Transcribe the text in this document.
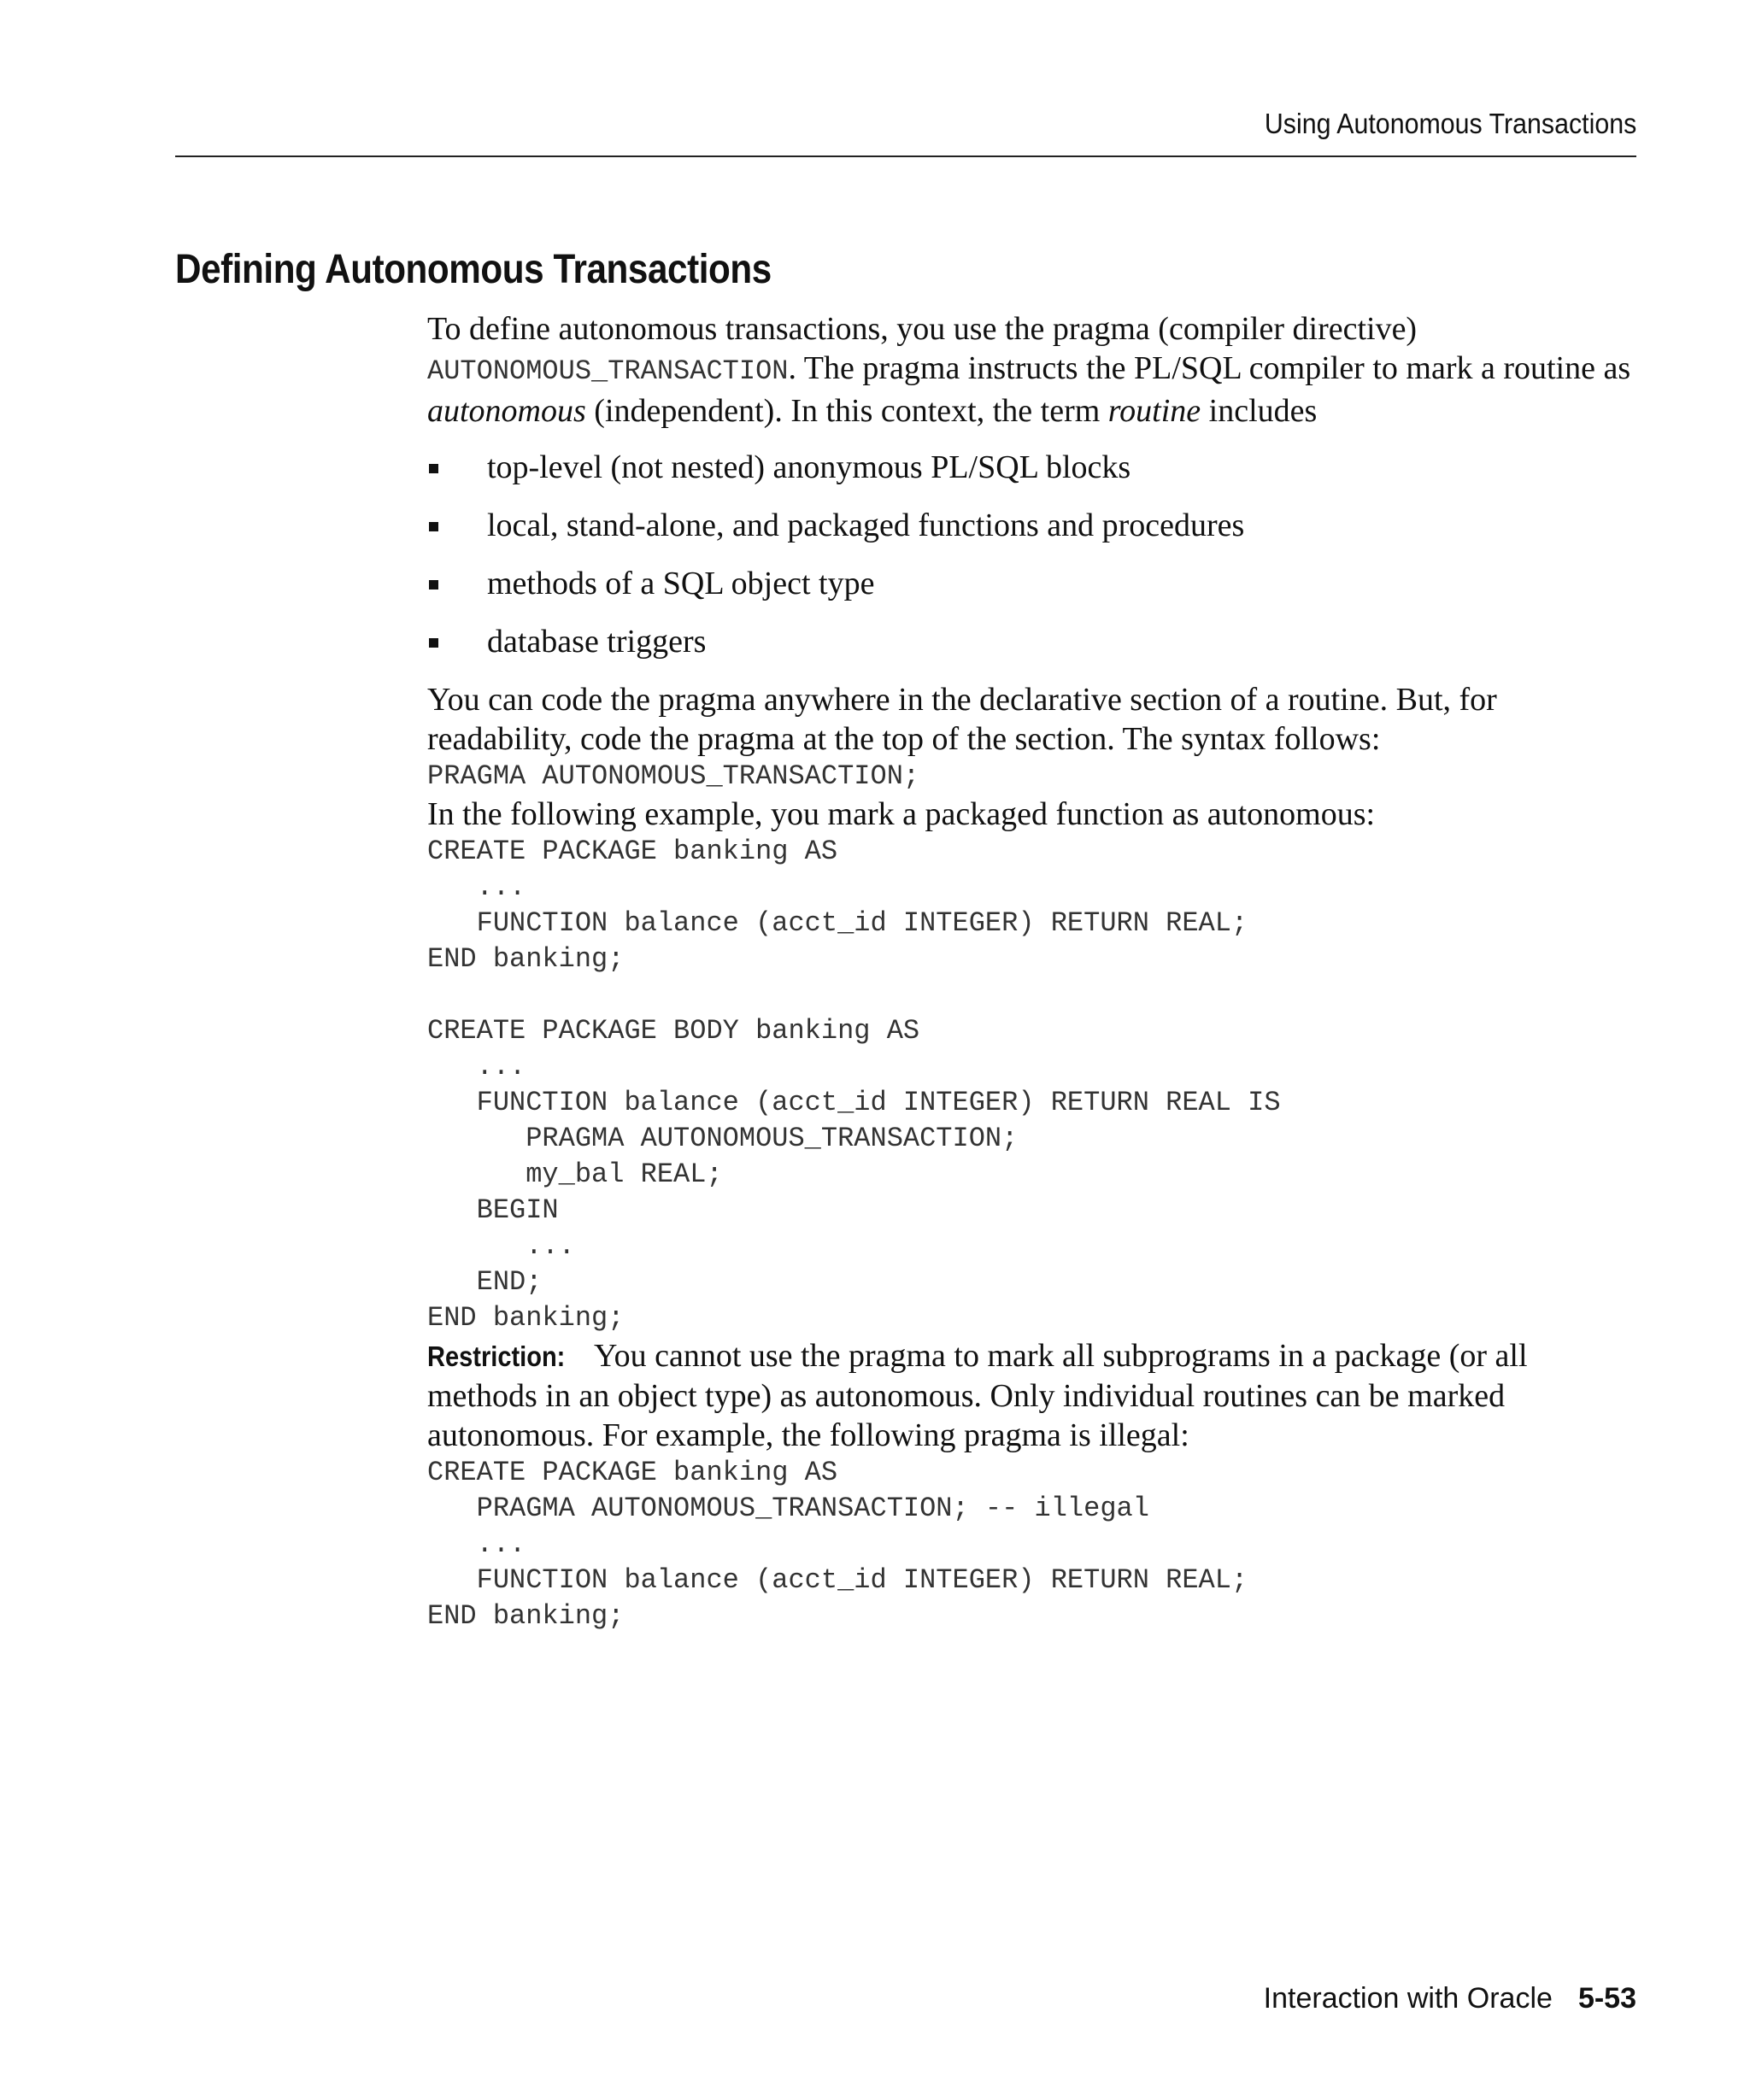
Using Autonomous Transactions
Defining Autonomous Transactions

To define autonomous transactions, you use the pragma (compiler directive) AUTONOMOUS_TRANSACTION. The pragma instructs the PL/SQL compiler to mark a routine as autonomous (independent). In this context, the term routine includes

top-level (not nested) anonymous PL/SQL blocks
local, stand-alone, and packaged functions and procedures
methods of a SQL object type
database triggers

You can code the pragma anywhere in the declarative section of a routine. But, for readability, code the pragma at the top of the section. The syntax follows:

PRAGMA AUTONOMOUS_TRANSACTION;

In the following example, you mark a packaged function as autonomous:

CREATE PACKAGE banking AS
...
FUNCTION balance (acct_id INTEGER) RETURN REAL;
END banking;

CREATE PACKAGE BODY banking AS
...
FUNCTION balance (acct_id INTEGER) RETURN REAL IS
PRAGMA AUTONOMOUS_TRANSACTION;
my_bal REAL;
BEGIN
...
END;
END banking;

Restriction: You cannot use the pragma to mark all subprograms in a package (or all methods in an object type) as autonomous. Only individual routines can be marked autonomous. For example, the following pragma is illegal:

CREATE PACKAGE banking AS
PRAGMA AUTONOMOUS_TRANSACTION; -- illegal
...
FUNCTION balance (acct_id INTEGER) RETURN REAL;
END banking;
Interaction with Oracle 5-53
